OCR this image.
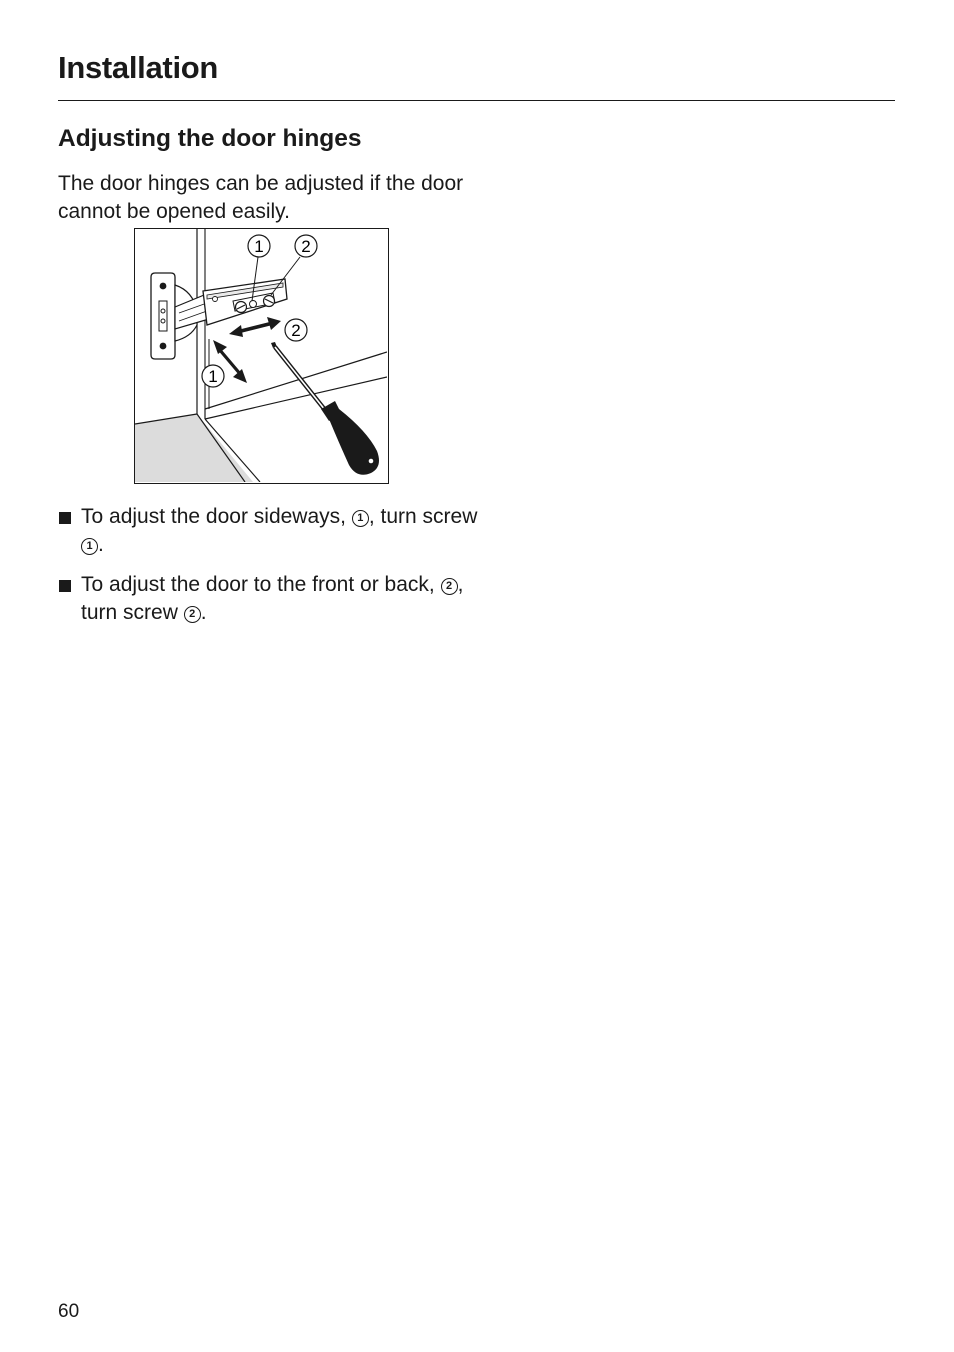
Installation
Adjusting the door hinges

The door hinges can be adjusted if the door cannot be opened easily.

1 2
2
1
To adjust the door sideways, 1 , turn screw 1 .
To adjust the door to the front or back, 2 , turn screw 2 .
60
